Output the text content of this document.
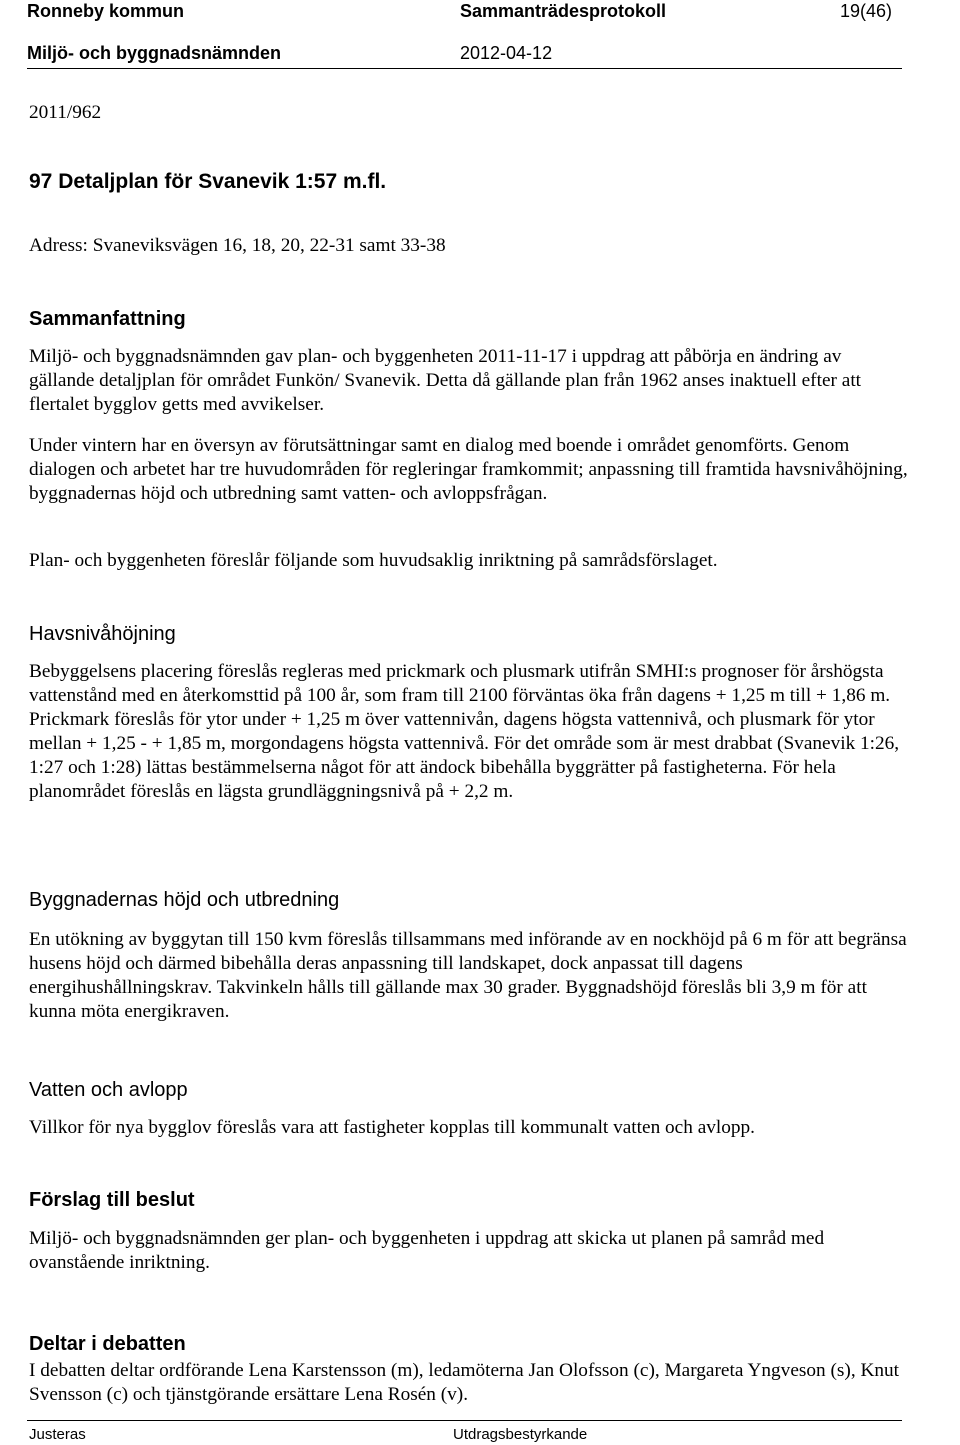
Ronneby kommun	Sammanträdesprotokoll	19(46)
Miljö- och byggnadsnämnden	2012-04-12
2011/962
97 Detaljplan för Svanevik 1:57 m.fl.
Adress: Svaneviksvägen 16, 18, 20, 22-31 samt 33-38
Sammanfattning
Miljö- och byggnadsnämnden gav plan- och byggenheten 2011-11-17 i uppdrag att påbörja en ändring av gällande detaljplan för området Funkön/ Svanevik. Detta då gällande plan från 1962 anses inaktuell efter att flertalet bygglov getts med avvikelser.
Under vintern har en översyn av förutsättningar samt en dialog med boende i området genomförts. Genom dialogen och arbetet har tre huvudområden för regleringar framkommit; anpassning till framtida havsnivåhöjning, byggnadernas höjd och utbredning samt vatten- och avloppsfrågan.
Plan- och byggenheten föreslår följande som huvudsaklig inriktning på samrådsförslaget.
Havsnivåhöjning
Bebyggelsens placering föreslås regleras med prickmark och plusmark utifrån SMHI:s prognoser för årshögsta vattenstånd med en återkomsttid på 100 år, som fram till 2100 förväntas öka från dagens + 1,25 m till + 1,86 m. Prickmark föreslås för ytor under + 1,25 m över vattennivån, dagens högsta vattennivå, och plusmark för ytor mellan + 1,25 - + 1,85 m, morgondagens högsta vattennivå. För det område som är mest drabbat (Svanevik 1:26, 1:27 och 1:28) lättas bestämmelserna något för att ändock bibehålla byggrätter på fastigheterna. För hela planområdet föreslås en lägsta grundläggningsnivå på + 2,2 m.
Byggnadernas höjd och utbredning
En utökning av byggytan till 150 kvm föreslås tillsammans med införande av en nockhöjd på 6 m för att begränsa husens höjd och därmed bibehålla deras anpassning till landskapet, dock anpassat till dagens energihushållningskrav. Takvinkeln hålls till gällande max 30 grader. Byggnadshöjd föreslås bli 3,9 m för att kunna möta energikraven.
Vatten och avlopp
Villkor för nya bygglov föreslås vara att fastigheter kopplas till kommunalt vatten och avlopp.
Förslag till beslut
Miljö- och byggnadsnämnden ger plan- och byggenheten i uppdrag att skicka ut planen på samråd med ovanstående inriktning.
Deltar i debatten
I debatten deltar ordförande Lena Karstensson (m), ledamöterna Jan Olofsson (c), Margareta Yngveson (s), Knut Svensson (c) och tjänstgörande ersättare Lena Rosén (v).
Justeras	Utdragsbestyrkande
